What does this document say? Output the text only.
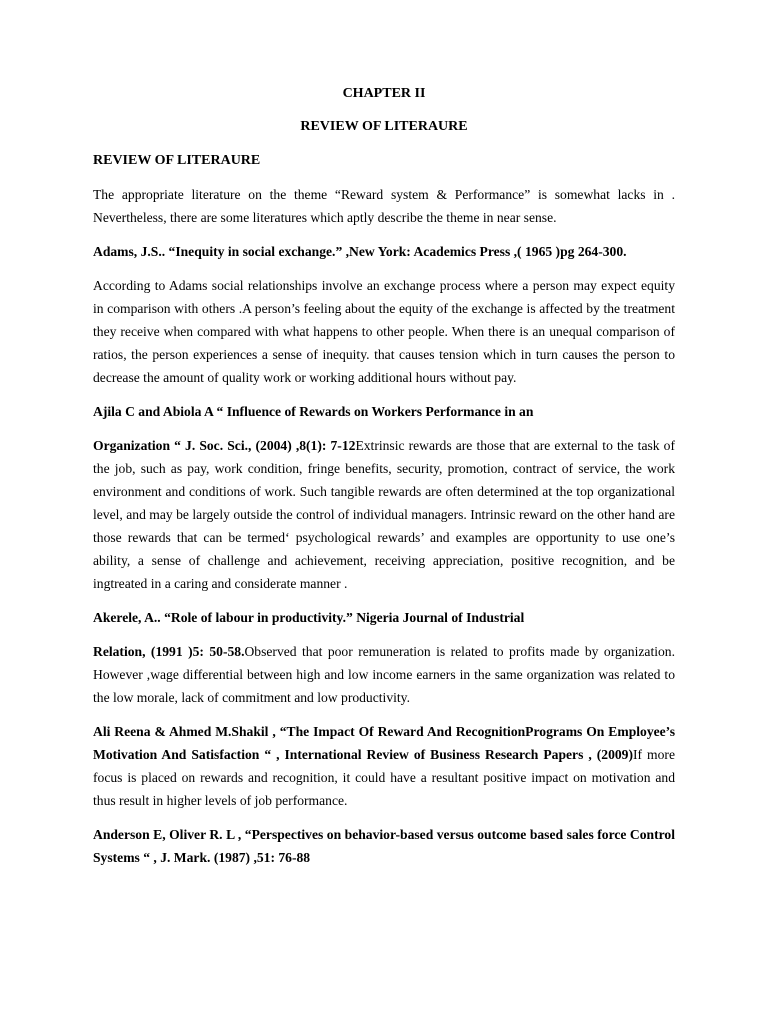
CHAPTER II
REVIEW OF LITERAURE
REVIEW OF LITERAURE

The appropriate literature on the theme “Reward system & Performance” is somewhat lacks in . Nevertheless, there are some literatures which aptly describe the theme in near sense.

Adams, J.S.. “Inequity in social exchange.” ,New York: Academics Press ,( 1965 )pg 264-300.

According to Adams social relationships involve an exchange process where a person may expect equity in comparison with others .A person’s feeling about the equity of the exchange is affected by the treatment they receive when compared with what happens to other people. When there is an unequal comparison of ratios, the person experiences a sense of inequity. that causes tension which in turn causes the person to decrease the amount of quality work or working additional hours without pay.

Ajila C and Abiola A “ Influence of Rewards on Workers Performance in an

Organization “ J. Soc. Sci., (2004) ,8(1): 7-12Extrinsic rewards are those that are external to the task of the job, such as pay, work condition, fringe benefits, security, promotion, contract of service, the work environment and conditions of work. Such tangible rewards are often determined at the top organizational level, and may be largely outside the control of individual managers. Intrinsic reward on the other hand are those rewards that can be termed‘ psychological rewards’ and examples are opportunity to use one’s ability, a sense of challenge and achievement, receiving appreciation, positive recognition, and be ingtreated in a caring and considerate manner .

Akerele, A.. “Role of labour in productivity.” Nigeria Journal of Industrial

Relation, (1991 )5: 50-58.Observed that poor remuneration is related to profits made by organization. However ,wage differential between high and low income earners in the same organization was related to the low morale, lack of commitment and low productivity.

Ali Reena & Ahmed M.Shakil , “The Impact Of Reward And RecognitionPrograms On Employee’s Motivation And Satisfaction “ , International Review of Business Research Papers , (2009)If more focus is placed on rewards and recognition, it could have a resultant positive impact on motivation and thus result in higher levels of job performance.

Anderson E, Oliver R. L , “Perspectives on behavior-based versus outcome based sales force Control Systems “ , J. Mark. (1987) ,51: 76-88
